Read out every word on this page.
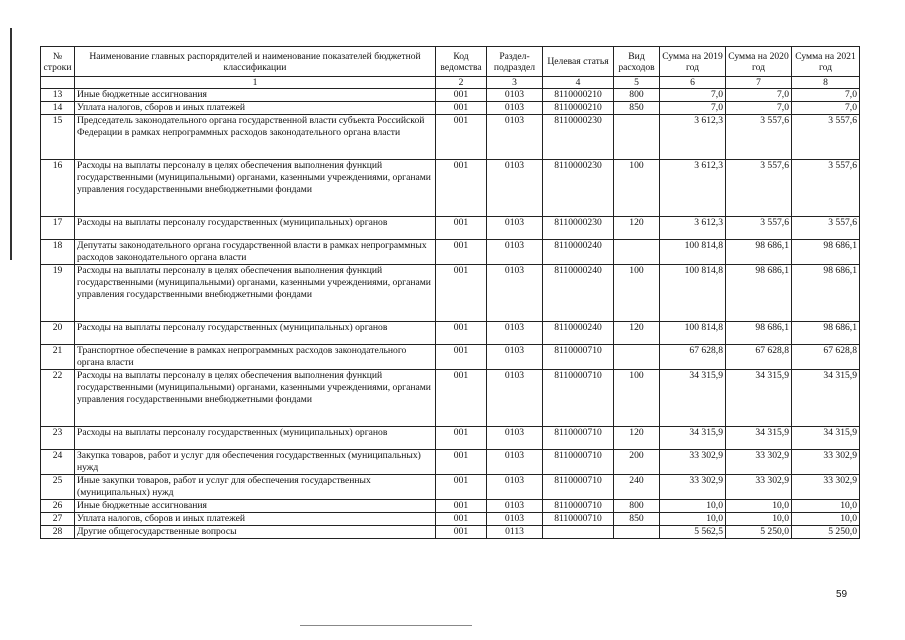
№ строки	Наименование главных распорядителей и наименование показателей бюджетной классификации	Код ведомства	Раздел-подраздел	Целевая статья	Вид расходов	Сумма на 2019 год	Сумма на 2020 год	Сумма на 2021 год
	1	2	3	4	5	6	7	8
13	Иные бюджетные ассигнования	001	0103	8110000210	800	7,0	7,0	7,0
14	Уплата налогов, сборов и иных платежей	001	0103	8110000210	850	7,0	7,0	7,0
15	Председатель законодательного органа государственной власти субъекта Российской Федерации в рамках непрограммных расходов законодательного органа власти	001	0103	8110000230		3 612,3	3 557,6	3 557,6
16	Расходы на выплаты персоналу в целях обеспечения выполнения функций государственными (муниципальными) органами, казенными учреждениями, органами управления государственными внебюджетными фондами	001	0103	8110000230	100	3 612,3	3 557,6	3 557,6
17	Расходы на выплаты персоналу государственных (муниципальных) органов	001	0103	8110000230	120	3 612,3	3 557,6	3 557,6
18	Депутаты законодательного органа государственной власти в рамках непрограммных расходов законодательного органа власти	001	0103	8110000240		100 814,8	98 686,1	98 686,1
19	Расходы на выплаты персоналу в целях обеспечения выполнения функций государственными (муниципальными) органами, казенными учреждениями, органами управления государственными внебюджетными фондами	001	0103	8110000240	100	100 814,8	98 686,1	98 686,1
20	Расходы на выплаты персоналу государственных (муниципальных) органов	001	0103	8110000240	120	100 814,8	98 686,1	98 686,1
21	Транспортное обеспечение в рамках непрограммных расходов законодательного органа власти	001	0103	8110000710		67 628,8	67 628,8	67 628,8
22	Расходы на выплаты персоналу в целях обеспечения выполнения функций государственными (муниципальными) органами, казенными учреждениями, органами управления государственными внебюджетными фондами	001	0103	8110000710	100	34 315,9	34 315,9	34 315,9
23	Расходы на выплаты персоналу государственных (муниципальных) органов	001	0103	8110000710	120	34 315,9	34 315,9	34 315,9
24	Закупка товаров, работ и услуг для обеспечения государственных (муниципальных) нужд	001	0103	8110000710	200	33 302,9	33 302,9	33 302,9
25	Иные закупки товаров, работ и услуг для обеспечения государственных (муниципальных) нужд	001	0103	8110000710	240	33 302,9	33 302,9	33 302,9
26	Иные бюджетные ассигнования	001	0103	8110000710	800	10,0	10,0	10,0
27	Уплата налогов, сборов и иных платежей	001	0103	8110000710	850	10,0	10,0	10,0
28	Другие общегосударственные вопросы	001	0113			5 562,5	5 250,0	5 250,0
59
